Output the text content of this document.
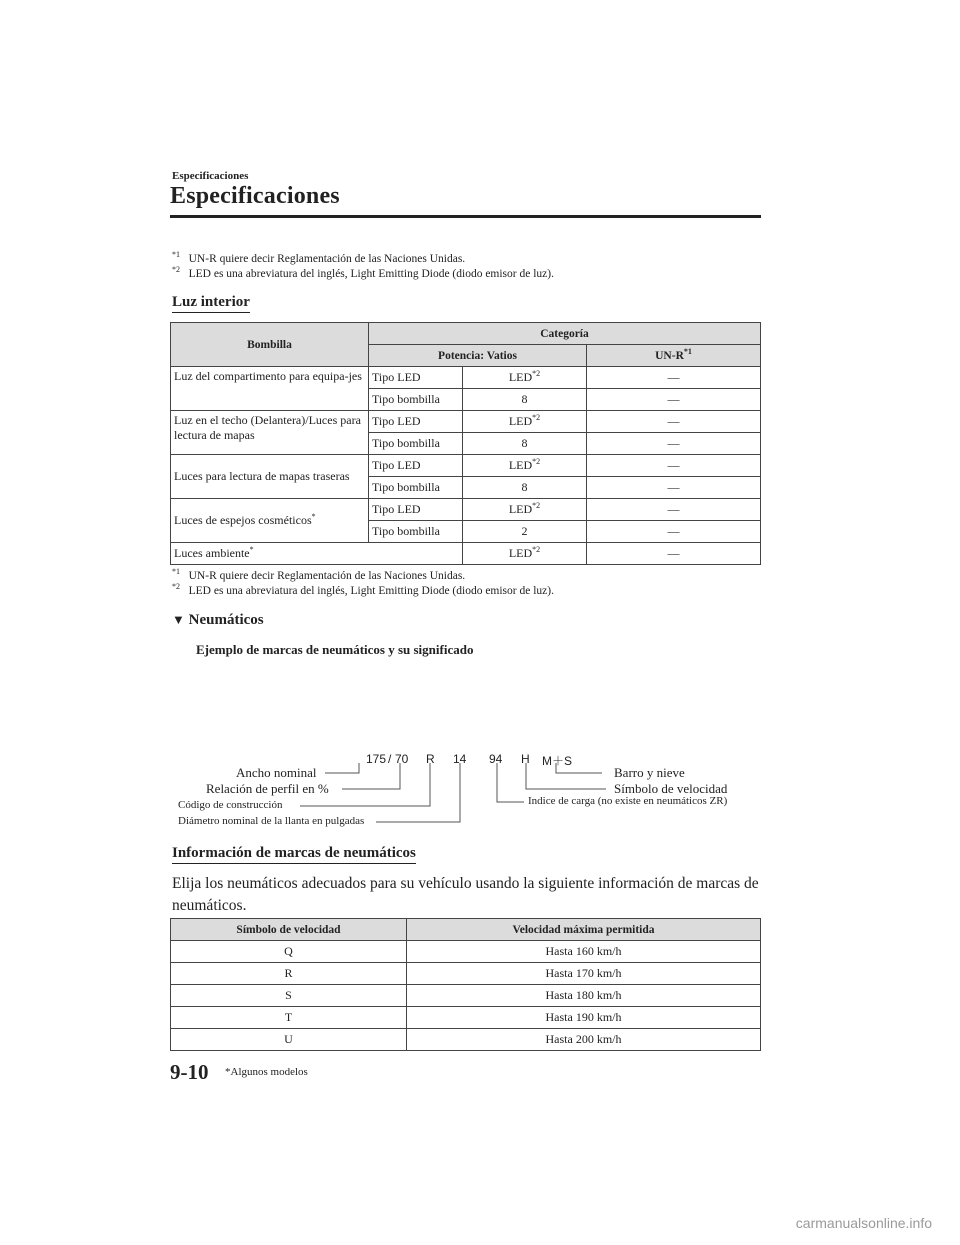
Especificaciones
Especificaciones
$^{*1}$ UN-R quiere decir Reglamentación de las Naciones Unidas.
$^{*2}$ LED es una abreviatura del inglés, Light Emitting Diode (diodo emisor de luz).
Luz interior
Bombilla	Categoría		
	Potencia: Vatios		$UN-R^{*1}$
Luz del compartimento para equipa-jes	Tipo LED	LED$^{*2}$	—
	Tipo bombilla	8	—
Luz en el techo (Delantera)/Luces para lectura de mapas	Tipo LED	LED$^{*2}$	—
	Tipo bombilla	8	—
Luces para lectura de mapas traseras	Tipo LED	LED$^{*2}$	—
	Tipo bombilla	8	—
Luces de espejos cosméticos*	Tipo LED	LED$^{*2}$	—
	Tipo bombilla	2	—
Luces ambiente*		LED$^{*2}$	—
$^{*1}$ UN-R quiere decir Reglamentación de las Naciones Unidas.
$^{*2}$ LED es una abreviatura del inglés, Light Emitting Diode (diodo emisor de luz).
▼ Neumáticos
Ejemplo de marcas de neumáticos y su significado
175 / 70 R 14 94 H M＋S
Ancho nominal
Relación de perfil en %
Código de construcción
Diámetro nominal de la llanta en pulgadas
Barro y nieve
Símbolo de velocidad
Indice de carga (no existe en neumáticos ZR)
Información de marcas de neumáticos
Elija los neumáticos adecuados para su vehículo usando la siguiente información de marcas de neumáticos.
Símbolo de velocidad	Velocidad máxima permitida
Q	Hasta 160 km/h
R	Hasta 170 km/h
S	Hasta 180 km/h
T	Hasta 190 km/h
U	Hasta 200 km/h
9-10 *Algunos modelos
carmanualsonline.info
